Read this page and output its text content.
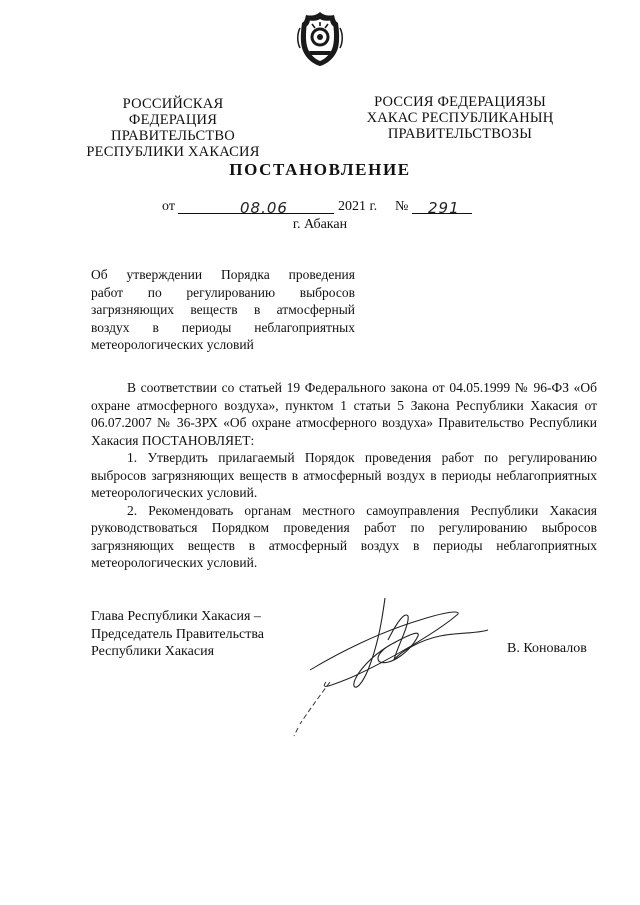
РОССИЙСКАЯ ФЕДЕРАЦИЯ
ПРАВИТЕЛЬСТВО
РЕСПУБЛИКИ ХАКАСИЯ
РОССИЯ ФЕДЕРАЦИЯЗЫ
ХАКАС РЕСПУБЛИКАНЫҢ
ПРАВИТЕЛЬСТВОЗЫ
ПОСТАНОВЛЕНИЕ
от	08.06	2021 г. № 291
г. Абакан
Об утверждении Порядка проведения
работ по регулированию выбросов
загрязняющих веществ в атмосферный
воздух в периоды неблагоприятных
метеорологических условий

В соответствии со статьей 19 Федерального закона от 04.05.1999 № 96-ФЗ «Об охране атмосферного воздуха», пунктом 1 статьи 5 Закона Республики Хакасия от 06.07.2007 № 36-ЗРХ «Об охране атмосферного воздуха» Правительство Республики Хакасия ПОСТАНОВЛЯЕТ:

1. Утвердить прилагаемый Порядок проведения работ по регулированию выбросов загрязняющих веществ в атмосферный воздух в периоды неблагоприятных метеорологических условий.

2. Рекомендовать органам местного самоуправления Республики Хакасия руководствоваться Порядком проведения работ по регулированию выбросов загрязняющих веществ в атмосферный воздух в периоды неблагоприятных метеорологических условий.

Глава Республики Хакасия –
Председатель Правительства
Республики Хакасия	В. Коновалов
